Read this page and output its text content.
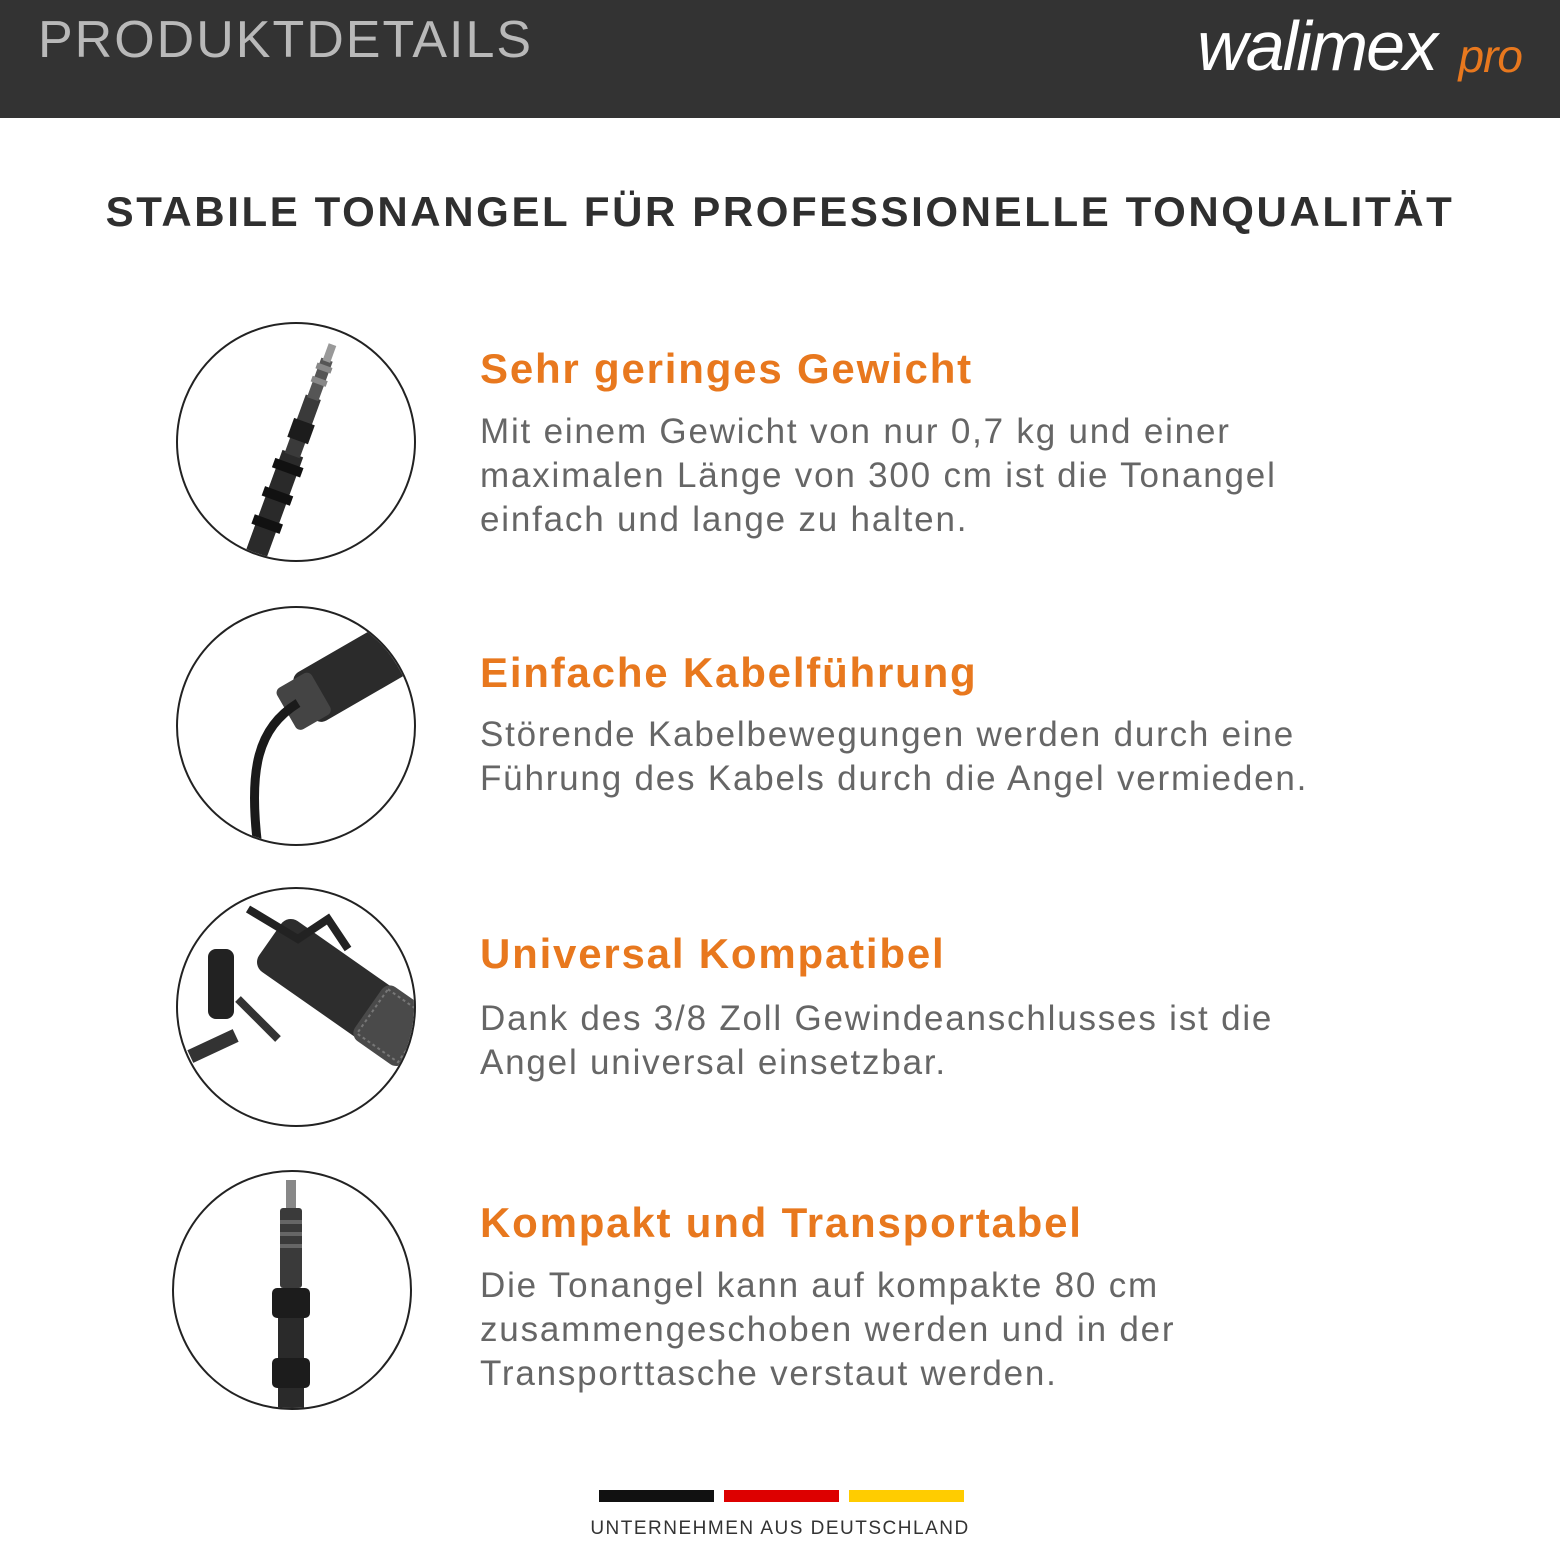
PRODUKTDETAILS	walimex pro
STABILE TONANGEL FÜR PROFESSIONELLE TONQUALITÄT
Sehr geringes Gewicht
Mit einem Gewicht von nur 0,7 kg und einer
maximalen Länge von 300 cm ist die Tonangel
einfach und lange zu halten.
Einfache Kabelführung
Störende Kabelbewegungen werden durch eine
Führung des Kabels durch die Angel vermieden.
Universal Kompatibel
Dank des 3/8 Zoll Gewindeanschlusses ist die
Angel universal einsetzbar.
Kompakt und Transportabel
Die Tonangel kann auf kompakte 80 cm
zusammengeschoben werden und in der
Transporttasche verstaut werden.
UNTERNEHMEN AUS DEUTSCHLAND
